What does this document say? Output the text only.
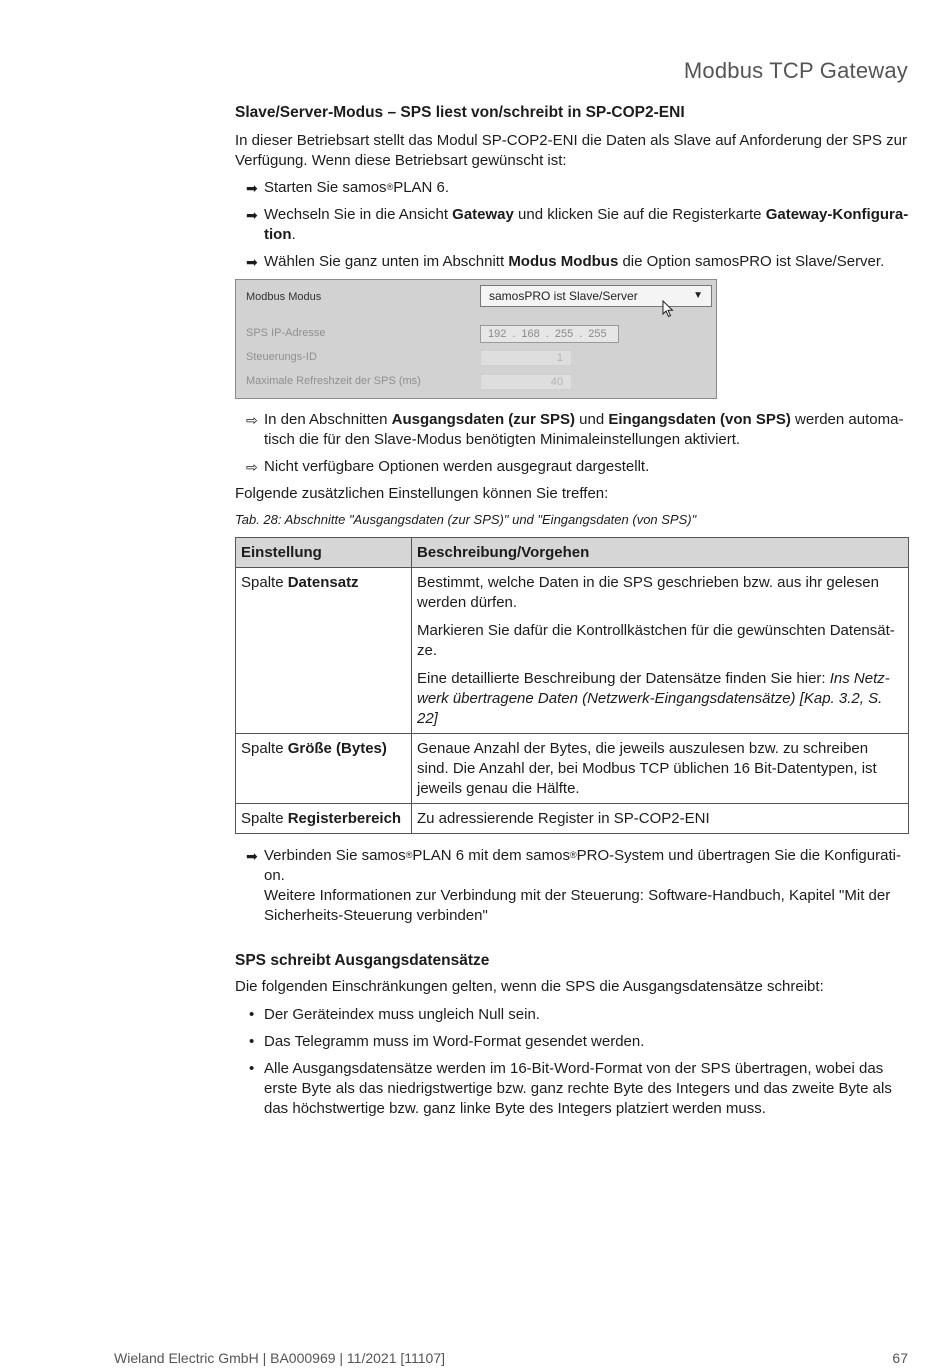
Modbus TCP Gateway
Slave/Server-Modus – SPS liest von/schreibt in SP-COP2-ENI
In dieser Betriebsart stellt das Modul SP-COP2-ENI die Daten als Slave auf Anforderung der SPS zur Verfügung. Wenn diese Betriebsart gewünscht ist:
➡ Starten Sie samos®PLAN 6.
➡ Wechseln Sie in die Ansicht Gateway und klicken Sie auf die Registerkarte Gateway-Konfigura-tion.
➡ Wählen Sie ganz unten im Abschnitt Modus Modbus die Option samosPRO ist Slave/Server.
Modbus Modus	samosPRO ist Slave/Server	▼
SPS IP-Adresse	192 . 168 . 255 . 255
Steuerungs-ID	1
Maximale Refreshzeit der SPS (ms)	40
⇨ In den Abschnitten Ausgangsdaten (zur SPS) und Eingangsdaten (von SPS) werden automa-tisch die für den Slave-Modus benötigten Minimaleinstellungen aktiviert.
⇨ Nicht verfügbare Optionen werden ausgegraut dargestellt.
Folgende zusätzlichen Einstellungen können Sie treffen:
Tab. 28: Abschnitte "Ausgangsdaten (zur SPS)" und "Eingangsdaten (von SPS)"
Einstellung	Beschreibung/Vorgehen
Spalte Datensatz	Bestimmt, welche Daten in die SPS geschrieben bzw. aus ihr gelesen werden dürfen.

Markieren Sie dafür die Kontrollkästchen für die gewünschten Datensät-ze.

Eine detaillierte Beschreibung der Datensätze finden Sie hier: Ins Netz-werk übertragene Daten (Netzwerk-Eingangsdatensätze) [Kap. 3.2, S. 22]

Spalte Größe (Bytes)	Genaue Anzahl der Bytes, die jeweils auszulesen bzw. zu schreiben sind. Die Anzahl der, bei Modbus TCP üblichen 16 Bit-Datentypen, ist jeweils genau die Hälfte.

Spalte Registerbereich	Zu adressierende Register in SP-COP2-ENI

➡ Verbinden Sie samos®PLAN 6 mit dem samos®PRO-System und übertragen Sie die Konfigurati-on.
Weitere Informationen zur Verbindung mit der Steuerung: Software-Handbuch, Kapitel "Mit der Sicherheits-Steuerung verbinden"
SPS schreibt Ausgangsdatensätze
Die folgenden Einschränkungen gelten, wenn die SPS die Ausgangsdatensätze schreibt:
• Der Geräteindex muss ungleich Null sein.
• Das Telegramm muss im Word-Format gesendet werden.
• Alle Ausgangsdatensätze werden im 16-Bit-Word-Format von der SPS übertragen, wobei das erste Byte als das niedrigstwertige bzw. ganz rechte Byte des Integers und das zweite Byte als das höchstwertige bzw. ganz linke Byte des Integers platziert werden muss.
Wieland Electric GmbH | BA000969 | 11/2021 [11107]	67
